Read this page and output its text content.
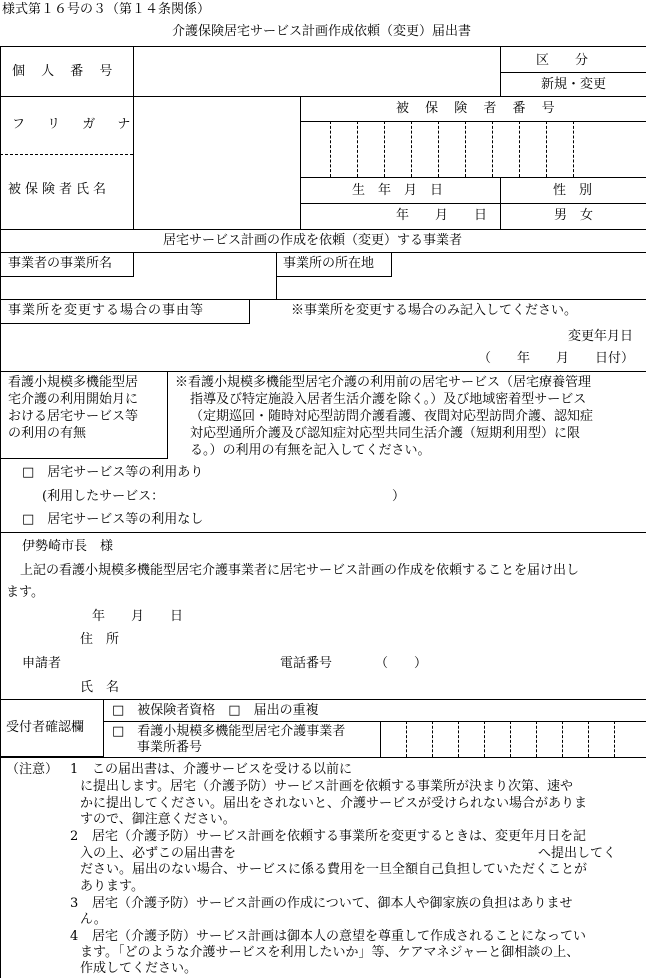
様式第１６号の３（第１４条関係）
介護保険居宅サービス計画作成依頼（変更）届出書
個 人 番 号
区　　分
新規・変更
フ リ ガ ナ
被 保 険 者 番 号
被保険者氏名	生　年　月　日	性　別
年　　月　　日	男　女
居宅サービス計画の作成を依頼（変更）する事業者
事業者の事業所名	事業所の所在地
事業所を変更する場合の事由等	※事業所を変更する場合のみ記入してください。
変更年月日
（　　年　　月　　日付）
看護小規模多機能型居
宅介護の利用開始月に
おける居宅サービス等
の利用の有無
※看護小規模多機能型居宅介護の利用前の居宅サービス（居宅療養管理
指導及び特定施設入居者生活介護を除く。）及び地域密着型サービス
（定期巡回・随時対応型訪問介護看護、夜間対応型訪問介護、認知症
対応型通所介護及び認知症対応型共同生活介護（短期利用型）に限
る。）の利用の有無を記入してください。
□　居宅サービス等の利用あり
(利用したサービス：	）
□　居宅サービス等の利用なし
伊勢崎市長　様
上記の看護小規模多機能型居宅介護事業者に居宅サービス計画の作成を依頼することを届け出し
ます。
年　　月　　日
住　所
申請者	電話番号	（　　）
氏　名
受付者確認欄
□　被保険者資格　□　届出の重複
□　看護小規模多機能型居宅介護事業者
事業所番号
（注意） 1 この届出書は、介護サービスを受ける以前に
に提出します。居宅（介護予防）サービス計画を依頼する事業所が決まり次第、速や
かに提出してください。届出をされないと、介護サービスが受けられない場合がありま
すので、御注意ください。
2 居宅（介護予防）サービス計画を依頼する事業所を変更するときは、変更年月日を記
入の上、必ずこの届出書を	へ提出してく
ださい。届出のない場合、サービスに係る費用を一旦全額自己負担していただくことが
あります。
3 居宅（介護予防）サービス計画の作成について、御本人や御家族の負担はありませ
ん。
4 居宅（介護予防）サービス計画は御本人の意望を尊重して作成されることになってい
ます。「どのような介護サービスを利用したいか」等、ケアマネジャーと御相談の上、
作成してください。
